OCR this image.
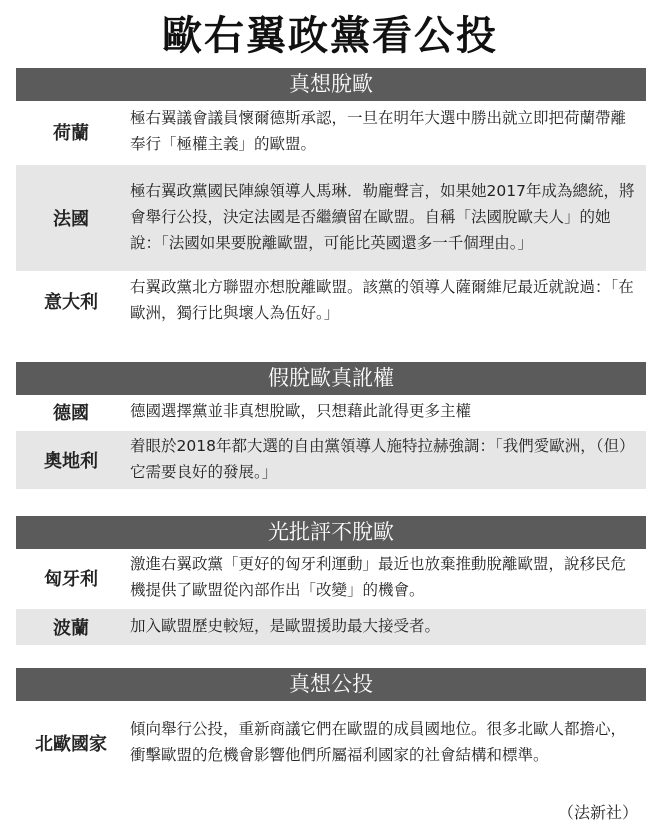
歐右翼政黨看公投
真想脫歐
荷蘭
極右翼議會議員懷爾德斯承認，一旦在明年大選中勝出就立即把荷蘭帶離奉行「極權主義」的歐盟。
法國
極右翼政黨國民陣線領導人馬琳．勒龐聲言，如果她2017年成為總統，將會舉行公投，決定法國是否繼續留在歐盟。自稱「法國脫歐夫人」的她說：「法國如果要脫離歐盟，可能比英國還多一千個理由。」
意大利
右翼政黨北方聯盟亦想脫離歐盟。該黨的領導人薩爾維尼最近就說過：「在歐洲，獨行比與壞人為伍好。」
假脫歐真訛權
德國	德國選擇黨並非真想脫歐，只想藉此訛得更多主權
奧地利
着眼於2018年都大選的自由黨領導人施特拉赫強調：「我們愛歐洲，（但）它需要良好的發展。」
光批評不脫歐
匈牙利
激進右翼政黨「更好的匈牙利運動」最近也放棄推動脫離歐盟，說移民危機提供了歐盟從內部作出「改變」的機會。
波蘭	加入歐盟歷史較短，是歐盟援助最大接受者。
真想公投
北歐國家
傾向舉行公投，重新商議它們在歐盟的成員國地位。很多北歐人都擔心，衝擊歐盟的危機會影響他們所屬福利國家的社會結構和標準。
（法新社）
